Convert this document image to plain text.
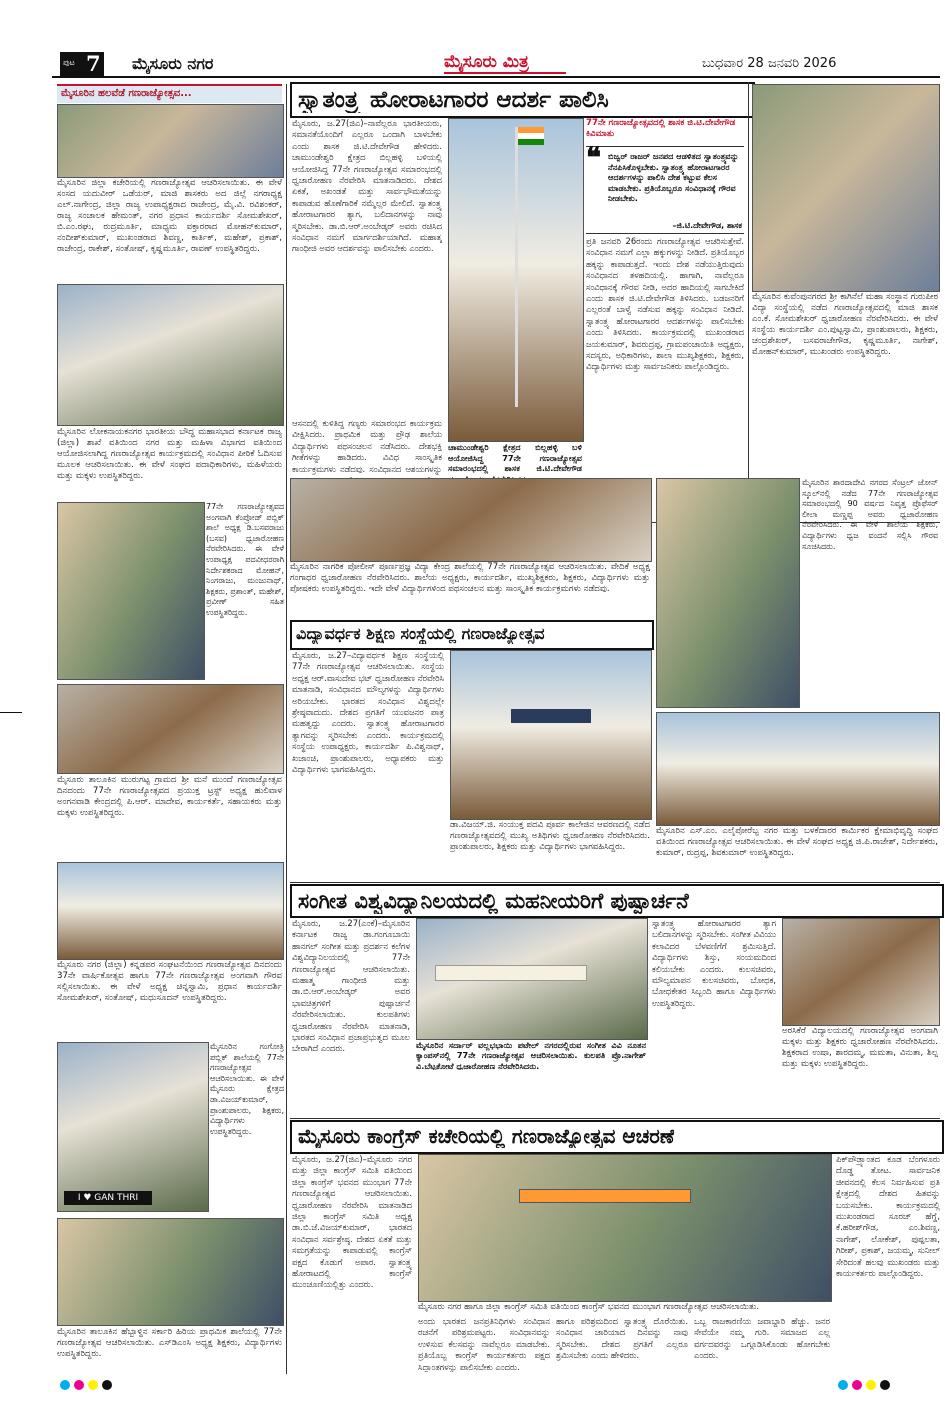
ಪುಟ 7 ಮೈಸೂರು ನಗರ	ಮೈಸೂರು ಮಿತ್ರ	ಬುಧವಾರ 28 ಜನವರಿ 2026
ಮೈಸೂರಿನ ಹಲವೆಡೆ ಗಣರಾಜ್ಯೋತ್ಸವ...
ಮೈಸೂರಿನ ಜಿಲ್ಲಾ ಕಚೇರಿಯಲ್ಲಿ ಗಣರಾಜ್ಯೋತ್ಸವ ಆಚರಿಸಲಾಯಿತು. ಈ ವೇಳೆ ಸಂಸದ ಯದುವೀರ್ ಒಡೆಯರ್, ಮಾಜಿ ಶಾಸಕರು ಅದ ಜಿಲ್ಲೆ ನಗರಾಧ್ಯಕ್ಷ ಎಲ್.ನಾಗೇಂದ್ರ, ಜಿಲ್ಲಾ ರಾಜ್ಯ ಉಪಾಧ್ಯಕ್ಷರಾದ ರಾಜೇಂದ್ರ, ಮೈ.ವಿ. ರವಿಶಂಕರ್, ರಾಜ್ಯ ಸಂಚಾಲಕ ಹೇಮಂತ್, ನಗರ ಪ್ರಧಾನ ಕಾರ್ಯದರ್ಶಿ ಸೋಮಶೇಖರ್, ಬಿ.ಎಂ.ರಘು, ರುದ್ರಮೂರ್ತಿ, ಮಾಧ್ಯಮ ವಕ್ತಾರರಾದ ಮೋಹನ್‌ಕುಮಾರ್, ನಂದೀಶ್‌ಕುಮಾರ್, ಮುಖಂಡರಾದ ಶಿವಣ್ಣ, ಕಾರ್ತಿಕ್, ಮಹೇಶ್, ಪ್ರಕಾಶ್, ರಾಜೇಂದ್ರ, ರಾಕೇಶ್, ಸಂತೋಷ್, ಕೃಷ್ಣಮೂರ್ತಿ, ರಾವಣ್ ಉಪಸ್ಥಿತರಿದ್ದರು.
ಮೈಸೂರಿನ ಲೋಕನಾಯಕನಗರ ಭಾರತೀಯ ಬೌದ್ಧ ಮಹಾಸಭಾದ ಕರ್ನಾಟಕ ರಾಜ್ಯ (ಜಿಲ್ಲಾ) ಶಾಖೆ ವತಿಯಿಂದ ನಗರ ಮತ್ತು ಮಹಿಳಾ ವಿಭಾಗದ ವತಿಯಿಂದ ಆಯೋಜಿಸಲಾಗಿದ್ದ ಗಣರಾಜ್ಯೋತ್ಸವ ಕಾರ್ಯಕ್ರಮದಲ್ಲಿ ಸಂವಿಧಾನ ಪೀಠಿಕೆ ಓದಿಸುವ ಮೂಲಕ ಆಚರಿಸಲಾಯಿತು. ಈ ವೇಳೆ ಸಂಘದ ಪದಾಧಿಕಾರಿಗಳು, ಮಹಿಳೆಯರು ಮತ್ತು ಮಕ್ಕಳು ಉಪಸ್ಥಿತರಿದ್ದರು.
77ನೇ ಗಣರಾಜ್ಯೋತ್ಸವದ ಅಂಗವಾಗಿ ಕೆಂಪ್ರೋಡ್ ಪಬ್ಲಿಕ್ ಶಾಲೆ ಅಧ್ಯಕ್ಷ ಡಿ.ಬಸವರಾಜು (ಬಸವ) ಧ್ವಜಾರೋಹಣ ನೆರವೇರಿಸಿದರು. ಈ ವೇಳೆ ಉಪಾಧ್ಯಕ್ಷ ಪದವೀಧರರಾಗಿ ನಿರ್ದೇಶಕರಾದ ಮೋಹನ್, ನಿಂಗರಾಜು, ಮಂಜುನಾಥ್, ಶಿಕ್ಷಕರು, ಪ್ರಶಾಂತ್, ಮಹೇಶ್, ಪ್ರವೀಣ್ ಸಹಿತ ಉಪಸ್ಥಿತರಿದ್ದರು.
ಮೈಸೂರು ತಾಲೂಕಿನ ಮುರುಗಟ್ಟ ಗ್ರಾಮದ ಶ್ರೀ ಮನೆ ಮುಂದೆ ಗಣರಾಜ್ಯೋತ್ಸವ ದಿನದಂದು 77ನೇ ಗಣರಾಜ್ಯೋತ್ಸವದ ಪ್ರಯುಕ್ತ ಟ್ರಸ್ಟ್ ಅಧ್ಯಕ್ಷ ಹುಲಿವಾಳ ಅಂಗನವಾಡಿ ಕೇಂದ್ರದಲ್ಲಿ ಪಿ.ಆರ್. ಮಾದೇವ, ಕಾರ್ಯಕರ್ತೆ, ಸಹಾಯಕರು ಮತ್ತು ಮಕ್ಕಳು ಉಪಸ್ಥಿತರಿದ್ದರು.
ಮೈಸೂರು ನಗರ (ಜಿಲ್ಲಾ) ಕನ್ನಡಪರ ಸಂಘಟನೆಯಿಂದ ಗಣರಾಜ್ಯೋತ್ಸವ ದಿನದಂದು 37ನೇ ವಾರ್ಷಿಕೋತ್ಸವ ಹಾಗೂ 77ನೇ ಗಣರಾಜ್ಯೋತ್ಸವ ಅಂಗವಾಗಿ ಗೌರವ ಸಲ್ಲಿಸಲಾಯಿತು. ಈ ವೇಳೆ ಅಧ್ಯಕ್ಷ ಚಿನ್ನಸ್ವಾಮಿ, ಪ್ರಧಾನ ಕಾರ್ಯದರ್ಶಿ ಸೋಮಶೇಖರ್, ಸಂತೋಷ್, ಮಧುಸೂದನ್ ಉಪಸ್ಥಿತರಿದ್ದರು.
I ♥ GAN THRI
ಮೈಸೂರಿನ ಗಂಗೋತ್ರಿ ಪಬ್ಲಿಕ್ ಶಾಲೆಯಲ್ಲಿ 77ನೇ ಗಣರಾಜ್ಯೋತ್ಸವ ಆಚರಿಸಲಾಯಿತು. ಈ ವೇಳೆ ಮೈಸೂರು ಕ್ಷೇತ್ರದ ಡಾ.ವಿಜಯ್‌ಕುಮಾರ್, ಪ್ರಾಂಶುಪಾಲರು, ಶಿಕ್ಷಕರು, ವಿದ್ಯಾರ್ಥಿಗಳು ಉಪಸ್ಥಿತರಿದ್ದರು.
ಮೈಸೂರಿನ ತಾಲೂಕಿನ ಹೆಬ್ಬಾಳ್ದಿನ ಸರ್ಕಾರಿ ಹಿರಿಯ ಪ್ರಾಥಮಿಕ ಶಾಲೆಯಲ್ಲಿ 77ನೇ ಗಣರಾಜ್ಯೋತ್ಸವ ಆಚರಿಸಲಾಯಿತು. ಎಸ್‌ಡಿಎಂಸಿ ಅಧ್ಯಕ್ಷ ಶಿಕ್ಷಕರು, ವಿದ್ಯಾರ್ಥಿಗಳು ಉಪಸ್ಥಿತರಿದ್ದರು.
ಸ್ವಾತಂತ್ರ್ಯ ಹೋರಾಟಗಾರರ ಆದರ್ಶ ಪಾಲಿಸಿ
ಮೈಸೂರು, ಜ.27(ಜಿಎ)–ನಾವೆಲ್ಲರೂ ಭಾರತೀಯರು, ಸಮಾನತೆಯೊಂದಿಗೆ ಎಲ್ಲರೂ ಒಂದಾಗಿ ಬಾಳಬೇಕು ಎಂದು ಶಾಸಕ ಜಿ.ಟಿ.ದೇವೇಗೌಡ ಹೇಳಿದರು. ಚಾಮುಂಡೇಶ್ವರಿ ಕ್ಷೇತ್ರದ ಬಿಲ್ಲಹಳ್ಳಿ ಬಳಿಯಲ್ಲಿ ಆಯೋಜಿಸಿದ್ದ 77ನೇ ಗಣರಾಜ್ಯೋತ್ಸವ ಸಮಾರಂಭದಲ್ಲಿ ಧ್ವಜಾರೋಹಣ ನೆರವೇರಿಸಿ ಮಾತನಾಡಿದರು. ದೇಶದ ಏಕತೆ, ಅಖಂಡತೆ ಮತ್ತು ಸಾರ್ವಭೌಮತೆಯನ್ನು ಕಾಪಾಡುವ ಹೊಣೆಗಾರಿಕೆ ನಮ್ಮೆಲ್ಲರ ಮೇಲಿದೆ. ಸ್ವಾತಂತ್ರ್ಯ ಹೋರಾಟಗಾರರ ತ್ಯಾಗ, ಬಲಿದಾನಗಳನ್ನು ನಾವು ಸ್ಮರಿಸಬೇಕು. ಡಾ.ಬಿ.ಆರ್.ಅಂಬೇಡ್ಕರ್ ಅವರು ರಚಿಸಿದ ಸಂವಿಧಾನ ನಮಗೆ ಮಾರ್ಗದರ್ಶಿಯಾಗಿದೆ. ಮಹಾತ್ಮ ಗಾಂಧೀಜಿ ಅವರ ಆದರ್ಶವನ್ನು ಪಾಲಿಸಬೇಕು ಎಂದರು.
ಆಸನದಲ್ಲಿ ಕುಳಿತಿದ್ದ ಗಣ್ಯರು ಸಮಾರಂಭದ ಕಾರ್ಯಕ್ರಮ ವೀಕ್ಷಿಸಿದರು. ಪ್ರಾಥಮಿಕ ಮತ್ತು ಪ್ರೌಢ ಶಾಲೆಯ ವಿದ್ಯಾರ್ಥಿಗಳು ಪಥಸಂಚಲನ ನಡೆಸಿದರು. ದೇಶಭಕ್ತಿ ಗೀತೆಗಳನ್ನು ಹಾಡಿದರು. ವಿವಿಧ ಸಾಂಸ್ಕೃತಿಕ ಕಾರ್ಯಕ್ರಮಗಳು ನಡೆದವು. ಸಂವಿಧಾನದ ಆಶಯಗಳನ್ನು
ಚಾಮುಂಡೇಶ್ವರಿ ಕ್ಷೇತ್ರದ ಬಿಲ್ಲಹಳ್ಳಿ ಬಳಿ ಆಯೋಜಿಸಿದ್ದ 77ನೇ ಗಣರಾಜ್ಯೋತ್ಸವ ಸಮಾರಂಭದಲ್ಲಿ ಶಾಸಕ ಜಿ.ಟಿ.ದೇವೇಗೌಡ
77ನೇ ಗಣರಾಜ್ಯೋತ್ಸವದಲ್ಲಿ ಶಾಸಕ ಜಿ.ಟಿ.ದೇವೇಗೌಡ ಕಿವಿಮಾತು
❝ ಬಿಜ್ವರ್ ರಾಜರ್ ಜನಪದ ಆಡಳಿತದ ಸ್ವಾತಂತ್ರ್ಯವನ್ನು ನೆನಪಿಸಿಕೊಳ್ಳಬೇಕು. ಸ್ವಾತಂತ್ರ್ಯ ಹೋರಾಟಗಾರರ ಆದರ್ಶಗಳನ್ನು ಪಾಲಿಸಿ ದೇಶ ಕಟ್ಟುವ ಕೆಲಸ ಮಾಡಬೇಕು. ಪ್ರತಿಯೊಬ್ಬರೂ ಸಂವಿಧಾನಕ್ಕೆ ಗೌರವ ನೀಡಬೇಕು.
–ಜಿ.ಟಿ.ದೇವೇಗೌಡ, ಶಾಸಕ
ಪ್ರತಿ ಜನವರಿ 26ರಂದು ಗಣರಾಜ್ಯೋತ್ಸವ ಆಚರಿಸುತ್ತೇವೆ. ಸಂವಿಧಾನ ನಮಗೆ ಎಲ್ಲಾ ಹಕ್ಕುಗಳನ್ನು ನೀಡಿದೆ. ಪ್ರತಿಯೊಬ್ಬರ ಹಕ್ಕನ್ನು ಕಾಪಾಡುತ್ತದೆ. ಇಂದು ದೇಶ ನಡೆಯುತ್ತಿರುವುದು ಸಂವಿಧಾನದ ತಳಹದಿಯಲ್ಲಿ. ಹಾಗಾಗಿ, ನಾವೆಲ್ಲರೂ ಸಂವಿಧಾನಕ್ಕೆ ಗೌರವ ನೀಡಿ, ಅದರ ಹಾದಿಯಲ್ಲಿ ಸಾಗಬೇಕಿದೆ ಎಂದು ಶಾಸಕ ಜಿ.ಟಿ.ದೇವೇಗೌಡ ತಿಳಿಸಿದರು. ಬಡಜನರಿಗೆ ಎಲ್ಲರಂತೆ ಬಾಳ್ವೆ ನಡೆಸುವ ಹಕ್ಕನ್ನು ಸಂವಿಧಾನ ನೀಡಿದೆ. ಸ್ವಾತಂತ್ರ್ಯ ಹೋರಾಟಗಾರರ ಆದರ್ಶಗಳನ್ನು ಪಾಲಿಸಬೇಕು ಎಂದು ತಿಳಿಸಿದರು. ಕಾರ್ಯಕ್ರಮದಲ್ಲಿ ಮುಖಂಡರಾದ ಜಯಕುಮಾರ್, ಶಿವರುದ್ರಪ್ಪ, ಗ್ರಾಮಪಂಚಾಯಿತಿ ಅಧ್ಯಕ್ಷರು, ಸದಸ್ಯರು, ಅಧಿಕಾರಿಗಳು, ಶಾಲಾ ಮುಖ್ಯಶಿಕ್ಷಕರು, ಶಿಕ್ಷಕರು, ವಿದ್ಯಾರ್ಥಿಗಳು ಮತ್ತು ಸಾರ್ವಜನಿಕರು ಪಾಲ್ಗೊಂಡಿದ್ದರು.
ಮೈಸೂರಿನ ಕುವೆಂಪುನಗರದ ಶ್ರೀ ಕಾಗಿನೆಲೆ ಮಹಾ ಸಂಸ್ಥಾನ ಗುರುಪೀಠ ವಿದ್ಯಾ ಸಂಸ್ಥೆಯಲ್ಲಿ ನಡೆದ ಗಣರಾಜ್ಯೋತ್ಸವದಲ್ಲಿ ಮಾಜಿ ಶಾಸಕ ಎಂ.ಕೆ. ಸೋಮಶೇಖರ್ ಧ್ವಜಾರೋಹಣ ನೆರವೇರಿಸಿದರು. ಈ ವೇಳೆ ಸಂಸ್ಥೆಯ ಕಾರ್ಯದರ್ಶಿ ಎಂ.ಪುಟ್ಟಸ್ವಾಮಿ, ಪ್ರಾಂಶುಪಾಲರು, ಶಿಕ್ಷಕರು, ಚಂದ್ರಶೇಖರ್, ಬಸವರಾಜೇಗೌಡ, ಕೃಷ್ಣಮೂರ್ತಿ, ನಾಗೇಶ್, ಮೋಹನ್‌ಕುಮಾರ್, ಮುಖಂಡರು ಉಪಸ್ಥಿತರಿದ್ದರು.
ಮೈಸೂರಿನ ನಾಗರಿಕ ಪೋಲೀಸ್ ಪೂರ್ಣಪ್ರಜ್ಞ ವಿದ್ಯಾ ಕೇಂದ್ರ ಶಾಲೆಯಲ್ಲಿ 77ನೇ ಗಣರಾಜ್ಯೋತ್ಸವ ಆಚರಿಸಲಾಯಿತು. ವೇದಿಕೆ ಅಧ್ಯಕ್ಷ ಗಂಗಾಧರ ಧ್ವಜಾರೋಹಣ ನೆರವೇರಿಸಿದರು. ಶಾಲೆಯ ಅಧ್ಯಕ್ಷರು, ಕಾರ್ಯದರ್ಶಿ, ಮುಖ್ಯಶಿಕ್ಷಕರು, ಶಿಕ್ಷಕರು, ವಿದ್ಯಾರ್ಥಿಗಳು ಮತ್ತು ಪೋಷಕರು ಉಪಸ್ಥಿತರಿದ್ದರು. ಇದೇ ವೇಳೆ ವಿದ್ಯಾರ್ಥಿಗಳಿಂದ ಪಥಸಂಚಲನ ಮತ್ತು ಸಾಂಸ್ಕೃತಿಕ ಕಾರ್ಯಕ್ರಮಗಳು ನಡೆದವು.
ಮೈಸೂರಿನ ಶಾರದಾದೇವಿ ನಗರದ ಸೆಂಟ್ರಲ್ ಜೋನ್ ಸ್ಕೂಲ್‌ನಲ್ಲಿ ನಡೆದ 77ನೇ ಗಣರಾಜ್ಯೋತ್ಸವ ಸಮಾರಂಭದಲ್ಲಿ 90 ವರ್ಷದ ನಿವೃತ್ತ ಪ್ರೊಫೆಸರ್ ಲೀಲಾ ಮಣ್ಣಪ್ಪ ಅವರು ಧ್ವಜಾರೋಹಣ ನೆರವೇರಿಸಿದರು. ಈ ವೇಳೆ ಶಾಲೆಯ ಶಿಕ್ಷಕರು, ವಿದ್ಯಾರ್ಥಿಗಳು ಧ್ವಜ ವಂದನೆ ಸಲ್ಲಿಸಿ ಗೌರವ ಸೂಚಿಸಿದರು.
ವಿದ್ಯಾವರ್ಧಕ ಶಿಕ್ಷಣ ಸಂಸ್ಥೆಯಲ್ಲಿ ಗಣರಾಜ್ಯೋತ್ಸವ
ಮೈಸೂರು, ಜ.27–ವಿದ್ಯಾವರ್ಧಕ ಶಿಕ್ಷಣ ಸಂಸ್ಥೆಯಲ್ಲಿ 77ನೇ ಗಣರಾಜ್ಯೋತ್ಸವ ಆಚರಿಸಲಾಯಿತು. ಸಂಸ್ಥೆಯ ಅಧ್ಯಕ್ಷ ಆರ್.ವಾಸುದೇವ ಭಟ್ ಧ್ವಜಾರೋಹಣ ನೆರವೇರಿಸಿ ಮಾತನಾಡಿ, ಸಂವಿಧಾನದ ಮೌಲ್ಯಗಳನ್ನು ವಿದ್ಯಾರ್ಥಿಗಳು ಅರಿಯಬೇಕು. ಭಾರತದ ಸಂವಿಧಾನ ವಿಶ್ವದಲ್ಲೇ ಶ್ರೇಷ್ಠವಾದುದು. ದೇಶದ ಪ್ರಗತಿಗೆ ಯುವಜನರ ಪಾತ್ರ ಮಹತ್ವದ್ದು ಎಂದರು. ಸ್ವಾತಂತ್ರ್ಯ ಹೋರಾಟಗಾರರ ತ್ಯಾಗವನ್ನು ಸ್ಮರಿಸಬೇಕು ಎಂದರು. ಕಾರ್ಯಕ್ರಮದಲ್ಲಿ ಸಂಸ್ಥೆಯ ಉಪಾಧ್ಯಕ್ಷರು, ಕಾರ್ಯದರ್ಶಿ ಪಿ.ವಿಶ್ವನಾಥ್, ಖಜಾಂಚಿ, ಪ್ರಾಂಶುಪಾಲರು, ಅಧ್ಯಾಪಕರು ಮತ್ತು ವಿದ್ಯಾರ್ಥಿಗಳು ಭಾಗವಹಿಸಿದ್ದರು.
ಡಾ.ವಿಜಯ್.ಜಿ. ಸಂಯುಕ್ತ ಪದವಿ ಪೂರ್ವ ಕಾಲೇಜಿನ ಆವರಣದಲ್ಲಿ ನಡೆದ ಗಣರಾಜ್ಯೋತ್ಸವದಲ್ಲಿ ಮುಖ್ಯ ಅತಿಥಿಗಳು ಧ್ವಜಾರೋಹಣ ನೆರವೇರಿಸಿದರು. ಪ್ರಾಂಶುಪಾಲರು, ಶಿಕ್ಷಕರು ಮತ್ತು ವಿದ್ಯಾರ್ಥಿಗಳು ಭಾಗವಹಿಸಿದ್ದರು.
ಮೈಸೂರಿನ ಎಸ್.ಎಂ. ಎಲೈಪೋರೆಬ್ಬ ನಗರ ಮತ್ತು ಬಳಕೆದಾರರ ಕಾರ್ಮಿಕರ ಕ್ಷೇಮಾಭಿವೃದ್ಧಿ ಸಂಘದ ವತಿಯಿಂದ ಗಣರಾಜ್ಯೋತ್ಸವ ಆಚರಿಸಲಾಯಿತು. ಈ ವೇಳೆ ಸಂಘದ ಅಧ್ಯಕ್ಷ ಜಿ.ಪಿ.ರಾಜೇಶ್, ನಿರ್ದೇಶಕರು, ಕುಮಾರ್, ರುದ್ರಪ್ಪ, ಶಿವಕುಮಾರ್ ಉಪಸ್ಥಿತರಿದ್ದರು.
ಸಂಗೀತ ವಿಶ್ವವಿದ್ಯಾನಿಲಯದಲ್ಲಿ ಮಹನೀಯರಿಗೆ ಪುಷ್ಪಾರ್ಚನೆ
ಮೈಸೂರು, ಜ.27(ಎಂಕೆ)–ಮೈಸೂರಿನ ಕರ್ನಾಟಕ ರಾಜ್ಯ ಡಾ.ಗಂಗೂಬಾಯಿ ಹಾನಗಲ್ ಸಂಗೀತ ಮತ್ತು ಪ್ರದರ್ಶನ ಕಲೆಗಳ ವಿಶ್ವವಿದ್ಯಾನಿಲಯದಲ್ಲಿ 77ನೇ ಗಣರಾಜ್ಯೋತ್ಸವ ಆಚರಿಸಲಾಯಿತು. ಮಹಾತ್ಮ ಗಾಂಧೀಜಿ ಮತ್ತು ಡಾ.ಬಿ.ಆರ್.ಅಂಬೇಡ್ಕರ್ ಅವರ ಭಾವಚಿತ್ರಗಳಿಗೆ ಪುಷ್ಪಾರ್ಚನೆ ನೆರವೇರಿಸಲಾಯಿತು. ಕುಲಪತಿಗಳು ಧ್ವಜಾರೋಹಣ ನೆರವೇರಿಸಿ ಮಾತನಾಡಿ, ಭಾರತದ ಸಂವಿಧಾನ ಪ್ರಜಾಪ್ರಭುತ್ವದ ಮೂಲ ಬೇರಾಗಿದೆ ಎಂದರು.	ಮೈಸೂರಿನ ಸರ್ದಾರ್ ವಲ್ಲಭಭಾಯಿ ಪಟೇಲ್ ನಗರದಲ್ಲಿರುವ ಸಂಗೀತ ವಿವಿ ನೂತನ ಕ್ಯಾಂಪಸ್‌ನಲ್ಲಿ 77ನೇ ಗಣರಾಜ್ಯೋತ್ಸವ ಆಚರಿಸಲಾಯಿತು. ಕುಲಪತಿ ಪ್ರೊ.ನಾಗೇಶ್ ವಿ.ಬೆಟ್ಟಕೋಟೆ ಧ್ವಜಾರೋಹಣ ನೆರವೇರಿಸಿದರು.
ಸ್ವಾತಂತ್ರ್ಯ ಹೋರಾಟಗಾರರ ತ್ಯಾಗ ಬಲಿದಾನಗಳನ್ನು ಸ್ಮರಿಸಬೇಕು. ಸಂಗೀತ ವಿವಿಯು ಕಲಾವಿದರ ಬೆಳವಣಿಗೆಗೆ ಶ್ರಮಿಸುತ್ತಿದೆ. ವಿದ್ಯಾರ್ಥಿಗಳು ಶಿಸ್ತು, ಸಂಯಮದಿಂದ ಕಲಿಯಬೇಕು ಎಂದರು. ಕುಲಸಚಿವರು, ಮೌಲ್ಯಮಾಪನ ಕುಲಸಚಿವರು, ಬೋಧಕ, ಬೋಧಕೇತರ ಸಿಬ್ಬಂದಿ ಹಾಗೂ ವಿದ್ಯಾರ್ಥಿಗಳು ಉಪಸ್ಥಿತರಿದ್ದರು.
ಅರಸಿಕೆರೆ ವಿದ್ಯಾಲಯದಲ್ಲಿ ಗಣರಾಜ್ಯೋತ್ಸವ ಅಂಗವಾಗಿ ಮಕ್ಕಳು ಮತ್ತು ಶಿಕ್ಷಕರು ಧ್ವಜಾರೋಹಣ ನೆರವೇರಿಸಿದರು. ಶಿಕ್ಷಕರಾದ ಉಷಾ, ಶಾರದಮ್ಮ, ಮಮತಾ, ವಿನುತಾ, ಶಿಲ್ಪ ಮತ್ತು ಮಕ್ಕಳು ಉಪಸ್ಥಿತರಿದ್ದರು.
ಮೈಸೂರು ಕಾಂಗ್ರೆಸ್ ಕಚೇರಿಯಲ್ಲಿ ಗಣರಾಜ್ಯೋತ್ಸವ ಆಚರಣೆ
ಮೈಸೂರು, ಜ.27(ಜಿಎ)–ಮೈಸೂರು ನಗರ ಮತ್ತು ಜಿಲ್ಲಾ ಕಾಂಗ್ರೆಸ್ ಸಮಿತಿ ವತಿಯಿಂದ ಜಿಲ್ಲಾ ಕಾಂಗ್ರೆಸ್ ಭವನದ ಮುಂಭಾಗ 77ನೇ ಗಣರಾಜ್ಯೋತ್ಸವ ಆಚರಿಸಲಾಯಿತು. ಧ್ವಜಾರೋಹಣ ನೆರವೇರಿಸಿ ಮಾತನಾಡಿದ ಜಿಲ್ಲಾ ಕಾಂಗ್ರೆಸ್ ಸಮಿತಿ ಅಧ್ಯಕ್ಷ ಡಾ.ಬಿ.ಜೆ.ವಿಜಯ್‌ಕುಮಾರ್, ಭಾರತದ ಸಂವಿಧಾನ ಸರ್ವಶ್ರೇಷ್ಠ. ದೇಶದ ಏಕತೆ ಮತ್ತು ಸಮಗ್ರತೆಯನ್ನು ಕಾಪಾಡುವಲ್ಲಿ ಕಾಂಗ್ರೆಸ್ ಪಕ್ಷದ ಕೊಡುಗೆ ಅಪಾರ. ಸ್ವಾತಂತ್ರ್ಯ ಹೋರಾಟದಲ್ಲಿ ಕಾಂಗ್ರೆಸ್ ಮುಂಚೂಣಿಯಲ್ಲಿತ್ತು ಎಂದರು.
ಮೈಸೂರು ನಗರ ಹಾಗೂ ಜಿಲ್ಲಾ ಕಾಂಗ್ರೆಸ್ ಸಮಿತಿ ವತಿಯಿಂದ ಕಾಂಗ್ರೆಸ್ ಭವನದ ಮುಂಭಾಗ ಗಣರಾಜ್ಯೋತ್ಸವ ಆಚರಿಸಲಾಯಿತು.
ಅಂದು ಭಾರತದ ಜನಪ್ರತಿನಿಧಿಗಳು ಸಂವಿಧಾನ ರಚನೆಗೆ ಪರಿಶ್ರಮಪಟ್ಟರು. ಸಂವಿಧಾನವನ್ನು ಉಳಿಸುವ ಕೆಲಸವನ್ನು ನಾವೆಲ್ಲರೂ ಮಾಡಬೇಕು. ಪ್ರತಿಯೊಬ್ಬ ಕಾಂಗ್ರೆಸ್ ಕಾರ್ಯಕರ್ತರು ಪಕ್ಷದ ಸಿದ್ಧಾಂತಗಳನ್ನು ಪಾಲಿಸಬೇಕು ಎಂದರು.
ಹಾಗೂ ಪರಿಶ್ರಮದಿಂದ ಸ್ವಾತಂತ್ರ್ಯ ದೊರೆಯಿತು. ಸಂವಿಧಾನ ಜಾರಿಯಾದ ದಿನವನ್ನು ನಾವು ಸ್ಮರಿಸಬೇಕು. ದೇಶದ ಪ್ರಗತಿಗೆ ಎಲ್ಲರೂ ಶ್ರಮಿಸಬೇಕು ಎಂದು ಹೇಳಿದರು.
ಒಬ್ಬ ರಾಜಕಾರಣಿಯ ಜವಾಬ್ದಾರಿ ಹೆಚ್ಚು. ಜನರ ಸೇವೆಯೇ ನಮ್ಮ ಗುರಿ. ಸಮಾಜದ ಎಲ್ಲ ವರ್ಗದವರನ್ನು ಒಗ್ಗೂಡಿಸಿಕೊಂಡು ಹೋಗಬೇಕು ಎಂದರು.
ಪಿಕ್‌ಪೌಡ್ರ್ಯಾಂತದ ಕೂಡ ಬೆಂಗಳೂರು ದೊಡ್ಡ ತೋಟ. ಸಾರ್ವಜನಿಕ ಜೀವನದಲ್ಲಿ ಕೆಲಸ ನಿರ್ವಹಿಸುವ ಪ್ರತಿ ಕ್ಷೇತ್ರದಲ್ಲಿ ದೇಶದ ಹಿತವನ್ನು ಬಯಸಬೇಕು. ಕಾರ್ಯಕ್ರಮದಲ್ಲಿ ಮುಖಂಡರಾದ ಸೂರಜ್ ಹೆಗ್ಡೆ, ಕೆ.ಹರೀಶ್‌ಗೌಡ, ಎಂ.ಶಿವಣ್ಣ, ನಾಗೇಶ್, ಲೋಕೇಶ್, ಪುಷ್ಪಲತಾ, ಗಿರೀಶ್, ಪ್ರಕಾಶ್, ಜಯಮ್ಮ, ಸುನೀಲ್ ಸೇರಿದಂತೆ ಹಲವು ಮುಖಂಡರು ಮತ್ತು ಕಾರ್ಯಕರ್ತರು ಪಾಲ್ಗೊಂಡಿದ್ದರು.
